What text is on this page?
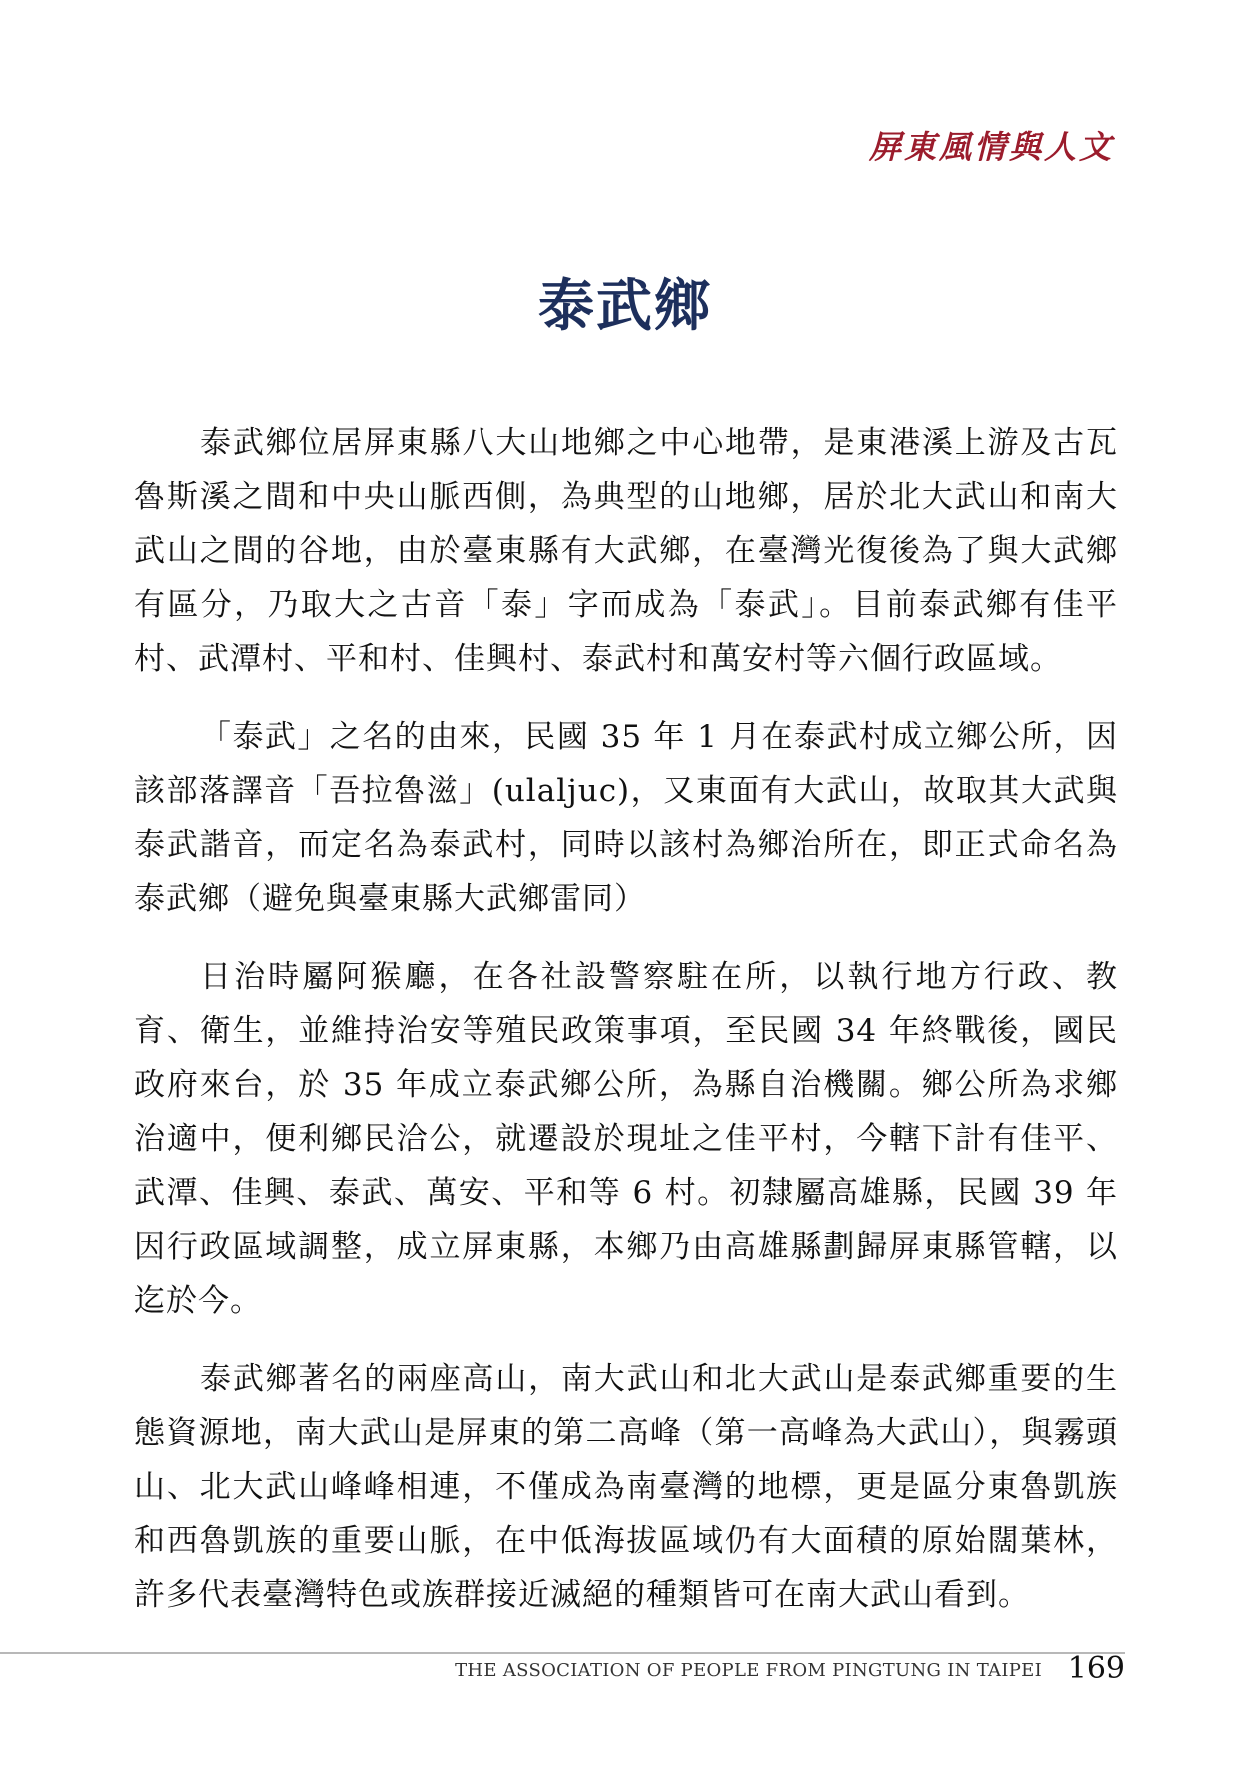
屏東風情與人文
泰武鄉

泰武鄉位居屏東縣八大山地鄉之中心地帶，是東港溪上游及古瓦魯斯溪之間和中央山脈西側，為典型的山地鄉，居於北大武山和南大武山之間的谷地，由於臺東縣有大武鄉，在臺灣光復後為了與大武鄉有區分，乃取大之古音「泰」字而成為「泰武」。目前泰武鄉有佳平村、武潭村、平和村、佳興村、泰武村和萬安村等六個行政區域。

「泰武」之名的由來，民國 35 年 1 月在泰武村成立鄉公所，因該部落譯音「吾拉魯滋」(ulaljuc)，又東面有大武山，故取其大武與泰武諧音，而定名為泰武村，同時以該村為鄉治所在，即正式命名為泰武鄉（避免與臺東縣大武鄉雷同）

日治時屬阿猴廳，在各社設警察駐在所，以執行地方行政、教育、衛生，並維持治安等殖民政策事項，至民國 34 年終戰後，國民政府來台，於 35 年成立泰武鄉公所，為縣自治機關。鄉公所為求鄉治適中，便利鄉民洽公，就遷設於現址之佳平村，今轄下計有佳平、武潭、佳興、泰武、萬安、平和等 6 村。初隸屬高雄縣，民國 39 年因行政區域調整，成立屏東縣，本鄉乃由高雄縣劃歸屏東縣管轄，以迄於今。

泰武鄉著名的兩座高山，南大武山和北大武山是泰武鄉重要的生態資源地，南大武山是屏東的第二高峰（第一高峰為大武山），與霧頭山、北大武山峰峰相連，不僅成為南臺灣的地標，更是區分東魯凱族和西魯凱族的重要山脈，在中低海拔區域仍有大面積的原始闊葉林，許多代表臺灣特色或族群接近滅絕的種類皆可在南大武山看到。

THE ASSOCIATION OF PEOPLE FROM PINGTUNG IN TAIPEI 169
